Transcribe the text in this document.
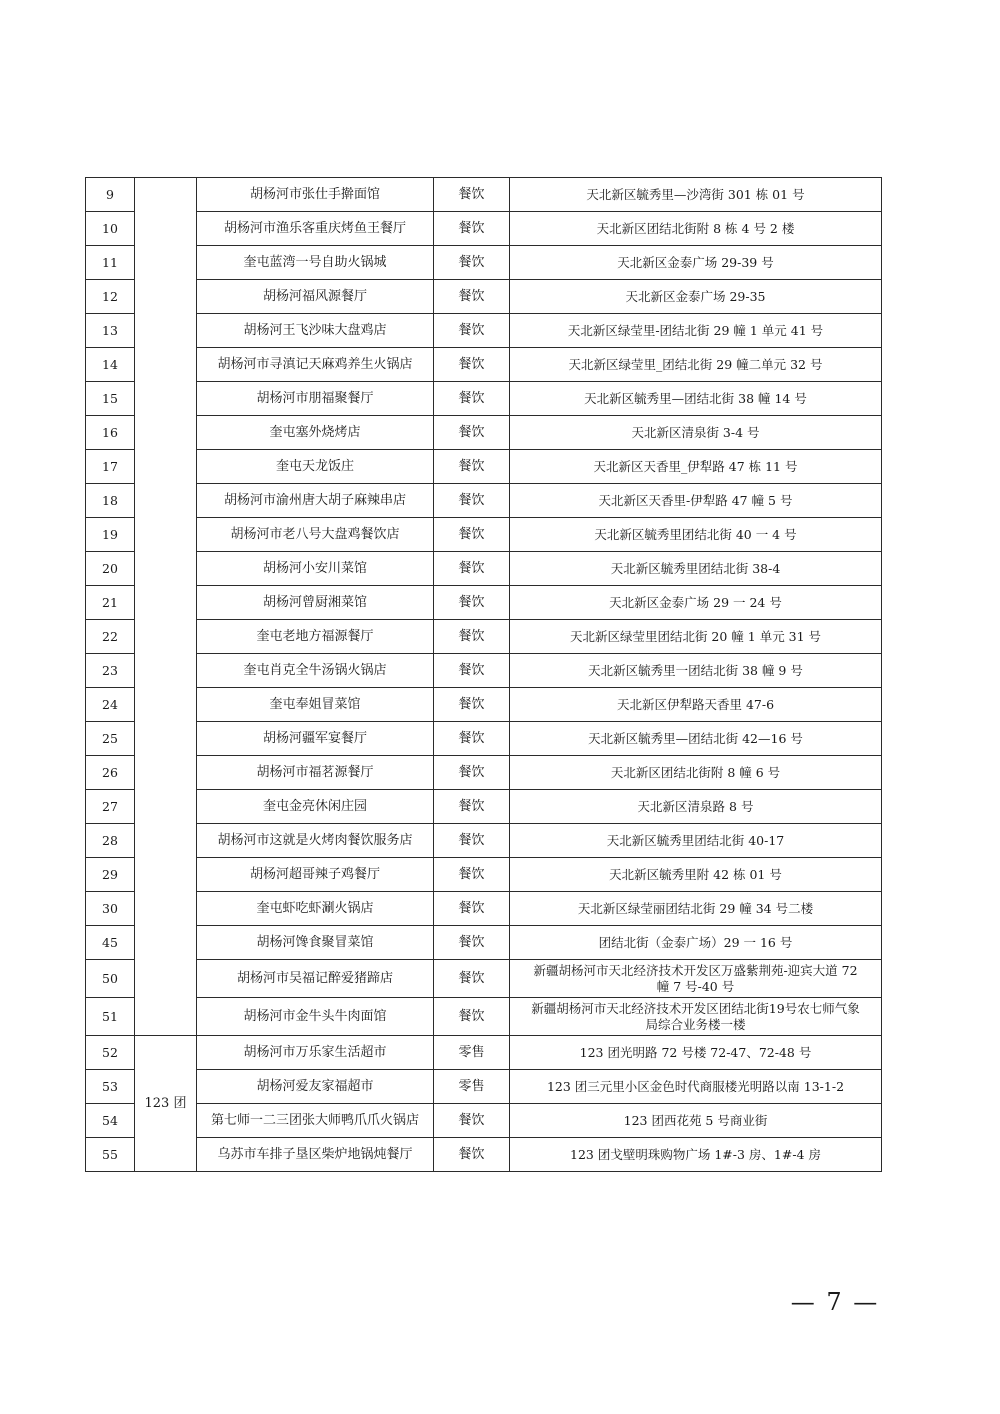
9		胡杨河市张仕手擀面馆	餐饮	天北新区毓秀里—沙湾街 301 栋 01 号
10		胡杨河市渔乐客重庆烤鱼王餐厅	餐饮	天北新区团结北街附 8 栋 4 号 2 楼
11		奎屯蓝湾一号自助火锅城	餐饮	天北新区金泰广场 29-39 号
12		胡杨河福风源餐厅	餐饮	天北新区金泰广场 29-35
13		胡杨河王飞沙味大盘鸡店	餐饮	天北新区绿莹里-团结北街 29 幢 1 单元 41 号
14		胡杨河市寻滇记天麻鸡养生火锅店	餐饮	天北新区绿莹里_团结北街 29 幢二单元 32 号
15		胡杨河市朋福聚餐厅	餐饮	天北新区毓秀里—团结北街 38 幢 14 号
16		奎屯塞外烧烤店	餐饮	天北新区清泉街 3-4 号
17		奎屯天龙饭庄	餐饮	天北新区天香里_伊犁路 47 栋 11 号
18		胡杨河市渝州唐大胡子麻辣串店	餐饮	天北新区天香里-伊犁路 47 幢 5 号
19		胡杨河市老八号大盘鸡餐饮店	餐饮	天北新区毓秀里团结北街 40 一 4 号
20		胡杨河小安川菜馆	餐饮	天北新区毓秀里团结北街 38-4
21		胡杨河曾厨湘菜馆	餐饮	天北新区金泰广场 29 一 24 号
22		奎屯老地方福源餐厅	餐饮	天北新区绿莹里团结北街 20 幢 1 单元 31 号
23		奎屯肖克全牛汤锅火锅店	餐饮	天北新区毓秀里一团结北街 38 幢 9 号
24		奎屯奉姐冒菜馆	餐饮	天北新区伊犁路天香里 47-6
25		胡杨河疆军宴餐厅	餐饮	天北新区毓秀里—团结北街 42—16 号
26		胡杨河市福茗源餐厅	餐饮	天北新区团结北街附 8 幢 6 号
27		奎屯金亮休闲庄园	餐饮	天北新区清泉路 8 号
28		胡杨河市这就是火烤肉餐饮服务店	餐饮	天北新区毓秀里团结北街 40-17
29		胡杨河超哥辣子鸡餐厅	餐饮	天北新区毓秀里附 42 栋 01 号
30		奎屯虾吃虾涮火锅店	餐饮	天北新区绿莹丽团结北街 29 幢 34 号二楼
45		胡杨河馋食聚冒菜馆	餐饮	团结北街（金泰广场）29 一 16 号
50		胡杨河市吴福记醉爱猪蹄店	餐饮	新疆胡杨河市天北经济技术开发区万盛紫荆苑-迎宾大道 72
幢 7 号-40 号

51		胡杨河市金牛头牛肉面馆	餐饮	新疆胡杨河市天北经济技术开发区团结北街19号农七师气象
局综合业务楼一楼

52	123 团	胡杨河市万乐家生活超市	零售	123 团光明路 72 号楼 72-47、72-48 号
53		胡杨河爱友家福超市	零售	123 团三元里小区金色时代商服楼光明路以南 13-1-2
54		第七师一二三团张大师鸭爪爪火锅店	餐饮	123 团西花苑 5 号商业街
55		乌苏市车排子垦区柴炉地锅炖餐厅	餐饮	123 团戈壁明珠购物广场 1#-3 房、1#-4 房
— 7 —
